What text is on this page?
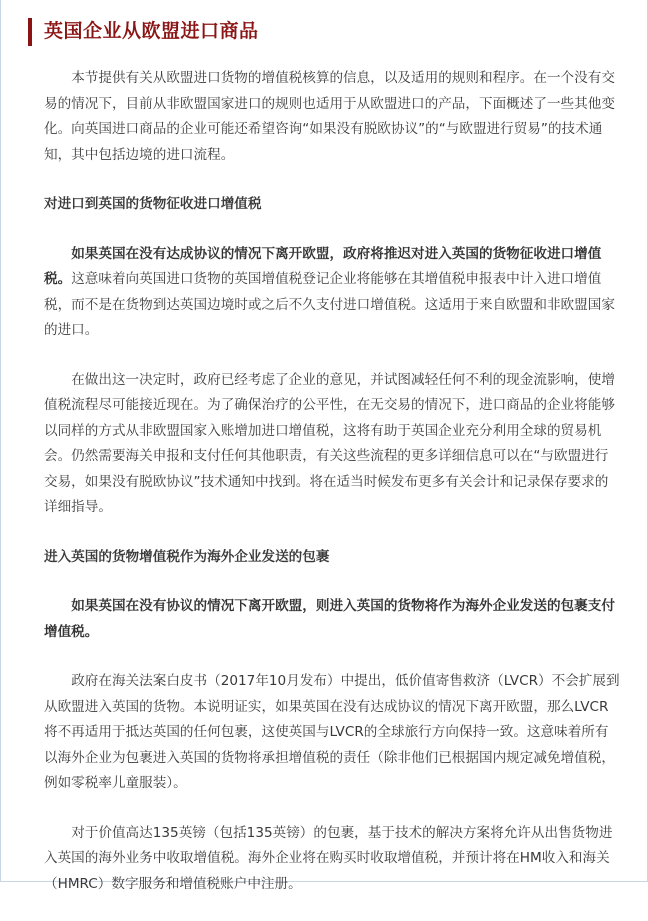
英国企业从欧盟进口商品

本节提供有关从欧盟进口货物的增值税核算的信息，以及适用的规则和程序。在一个没有交易的情况下，目前从非欧盟国家进口的规则也适用于从欧盟进口的产品，下面概述了一些其他变化。向英国进口商品的企业可能还希望咨询“如果没有脱欧协议”的“与欧盟进行贸易”的技术通知，其中包括边境的进口流程。

对进口到英国的货物征收进口增值税

如果英国在没有达成协议的情况下离开欧盟，政府将推迟对进入英国的货物征收进口增值税。这意味着向英国进口货物的英国增值税登记企业将能够在其增值税申报表中计入进口增值税，而不是在货物到达英国边境时或之后不久支付进口增值税。这适用于来自欧盟和非欧盟国家的进口。

在做出这一决定时，政府已经考虑了企业的意见，并试图减轻任何不利的现金流影响，使增值税流程尽可能接近现在。为了确保治疗的公平性，在无交易的情况下，进口商品的企业将能够以同样的方式从非欧盟国家入账增加进口增值税，这将有助于英国企业充分利用全球的贸易机会。仍然需要海关申报和支付任何其他职责，有关这些流程的更多详细信息可以在“与欧盟进行交易，如果没有脱欧协议”技术通知中找到。将在适当时候发布更多有关会计和记录保存要求的详细指导。

进入英国的货物增值税作为海外企业发送的包裹

如果英国在没有协议的情况下离开欧盟，则进入英国的货物将作为海外企业发送的包裹支付增值税。

政府在海关法案白皮书（2017年10月发布）中提出，低价值寄售救济（LVCR）不会扩展到从欧盟进入英国的货物。本说明证实，如果英国在没有达成协议的情况下离开欧盟，那么LVCR将不再适用于抵达英国的任何包裹，这使英国与LVCR的全球旅行方向保持一致。这意味着所有以海外企业为包裹进入英国的货物将承担增值税的责任（除非他们已根据国内规定减免增值税，例如零税率儿童服装）。

对于价值高达135英镑（包括135英镑）的包裹，基于技术的解决方案将允许从出售货物进入英国的海外业务中收取增值税。海外企业将在购买时收取增值税，并预计将在HM收入和海关（HMRC）数字服务和增值税账户中注册。
